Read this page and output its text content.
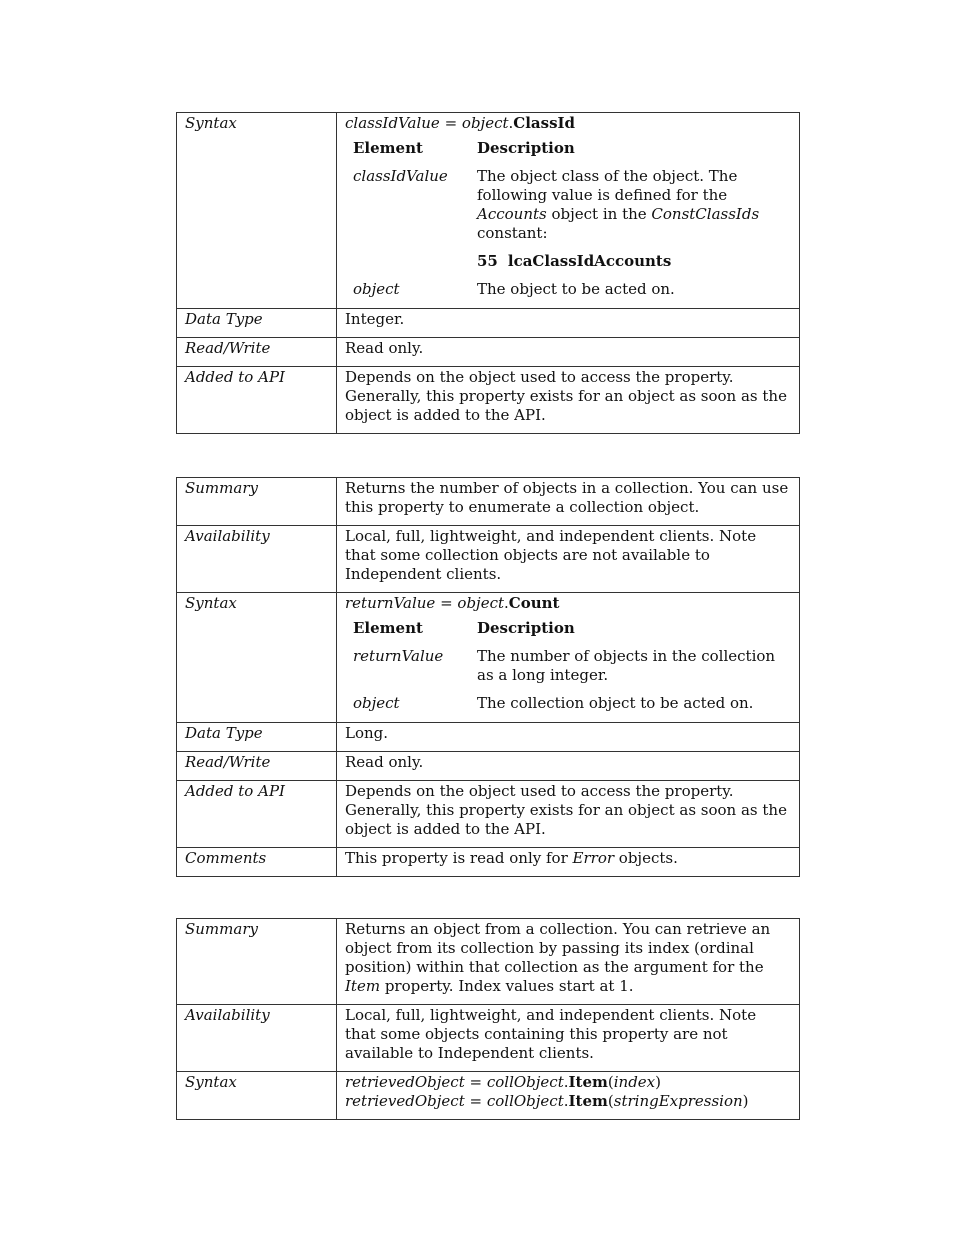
Syntax	classIdValue = object.ClassId
Element	Description
classIdValue	The object class of the object. The following value is defined for the Accounts object in the ConstClassIds constant:
55 lcaClassIdAccounts

object	The object to be acted on.

Data Type	Integer.
Read/Write	Read only.
Added to API	Depends on the object used to access the property. Generally, this property exists for an object as soon as the object is added to the API.
Summary	Returns the number of objects in a collection. You can use this property to enumerate a collection object.
Availability	Local, full, lightweight, and independent clients. Note that some collection objects are not available to Independent clients.
Syntax	returnValue = object.Count
Element	Description
returnValue	The number of objects in the collection as a long integer.
object	The collection object to be acted on.

Data Type	Long.
Read/Write	Read only.
Added to API	Depends on the object used to access the property. Generally, this property exists for an object as soon as the object is added to the API.
Comments	This property is read only for Error objects.
Summary	Returns an object from a collection. You can retrieve an object from its collection by passing its index (ordinal position) within that collection as the argument for the Item property. Index values start at 1.
Availability	Local, full, lightweight, and independent clients. Note that some objects containing this property are not available to Independent clients.
Syntax	retrievedObject = collObject.Item(index)
retrievedObject = collObject.Item(stringExpression)
